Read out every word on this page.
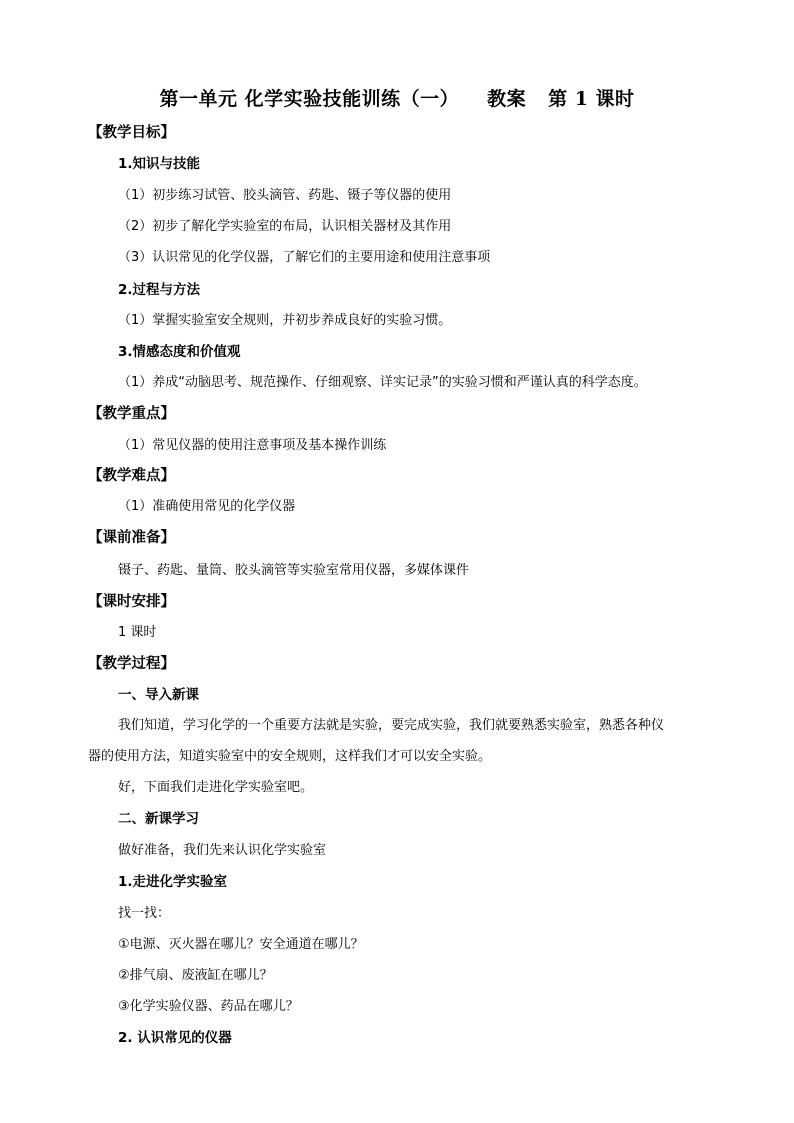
第一单元 化学实验技能训练（一） 教案 第 1 课时
【教学目标】
1.知识与技能
（1）初步练习试管、胶头滴管、药匙、镊子等仪器的使用
（2）初步了解化学实验室的布局，认识相关器材及其作用
（3）认识常见的化学仪器，了解它们的主要用途和使用注意事项
2.过程与方法
（1）掌握实验室安全规则，并初步养成良好的实验习惯。
3.情感态度和价值观
（1）养成“动脑思考、规范操作、仔细观察、详实记录”的实验习惯和严谨认真的科学态度。
【教学重点】
（1）常见仪器的使用注意事项及基本操作训练
【教学难点】
（1）准确使用常见的化学仪器
【课前准备】
镊子、药匙、量筒、胶头滴管等实验室常用仪器，多媒体课件
【课时安排】
1 课时
【教学过程】
一、导入新课
我们知道，学习化学的一个重要方法就是实验，要完成实验，我们就要熟悉实验室，熟悉各种仪
器的使用方法，知道实验室中的安全规则，这样我们才可以安全实验。
好，下面我们走进化学实验室吧。
二、新课学习
做好准备，我们先来认识化学实验室
1.走进化学实验室
找一找：
①电源、灭火器在哪儿？安全通道在哪儿？
②排气扇、废液缸在哪儿？
③化学实验仪器、药品在哪儿？
2. 认识常见的仪器
